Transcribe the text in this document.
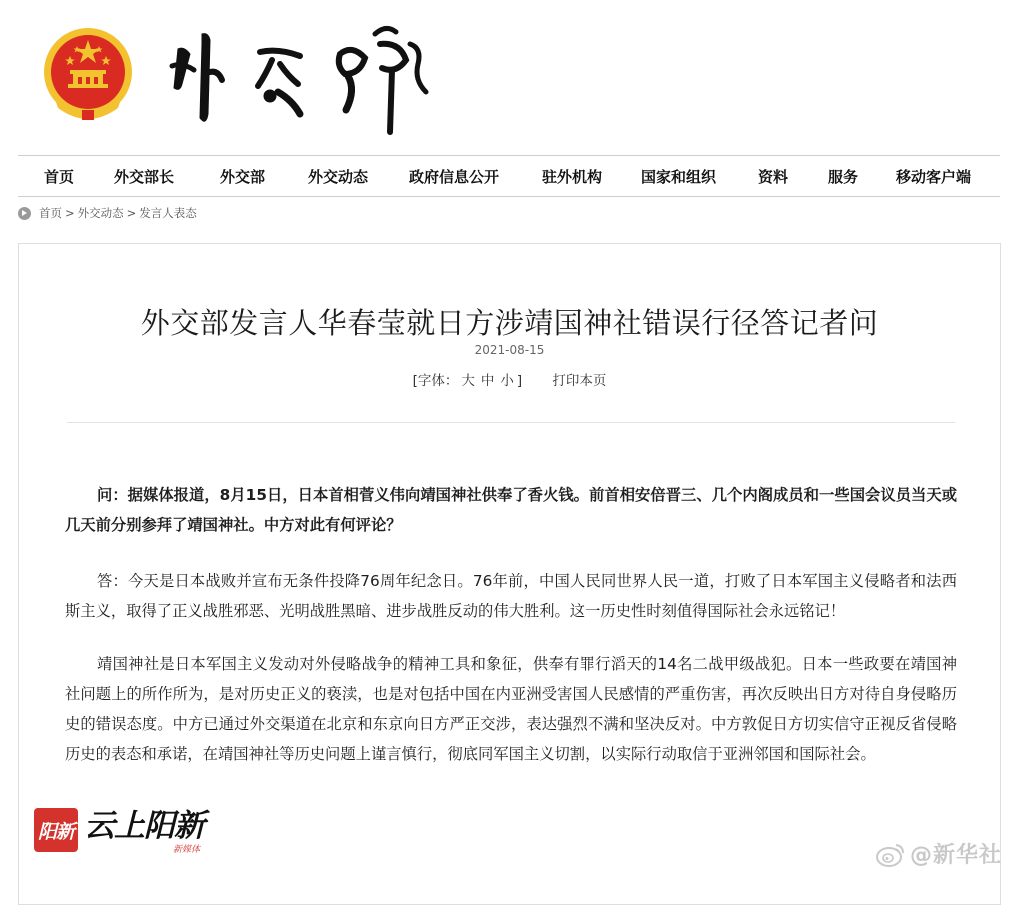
首页	外交部长	外交部	外交动态	政府信息公开	驻外机构	国家和组织	资料	服务	移动客户端
首页 > 外交动态 > 发言人表态
外交部发言人华春莹就日方涉靖国神社错误行径答记者问
2021-08-15
[字体： 大 中 小 ] 打印本页

问：据媒体报道，8月15日，日本首相菅义伟向靖国神社供奉了香火钱。前首相安倍晋三、几个内阁成员和一些国会议员当天或几天前分别参拜了靖国神社。中方对此有何评论？

答：今天是日本战败并宣布无条件投降76周年纪念日。76年前，中国人民同世界人民一道，打败了日本军国主义侵略者和法西斯主义，取得了正义战胜邪恶、光明战胜黑暗、进步战胜反动的伟大胜利。这一历史性时刻值得国际社会永远铭记！

靖国神社是日本军国主义发动对外侵略战争的精神工具和象征，供奉有罪行滔天的14名二战甲级战犯。日本一些政要在靖国神社问题上的所作所为，是对历史正义的亵渎，也是对包括中国在内亚洲受害国人民感情的严重伤害，再次反映出日方对待自身侵略历史的错误态度。中方已通过外交渠道在北京和东京向日方严正交涉，表达强烈不满和坚决反对。中方敦促日方切实信守正视反省侵略历史的表态和承诺，在靖国神社等历史问题上谨言慎行，彻底同军国主义切割，以实际行动取信于亚洲邻国和国际社会。

阳新 云上阳新
新媒体	@新华社
